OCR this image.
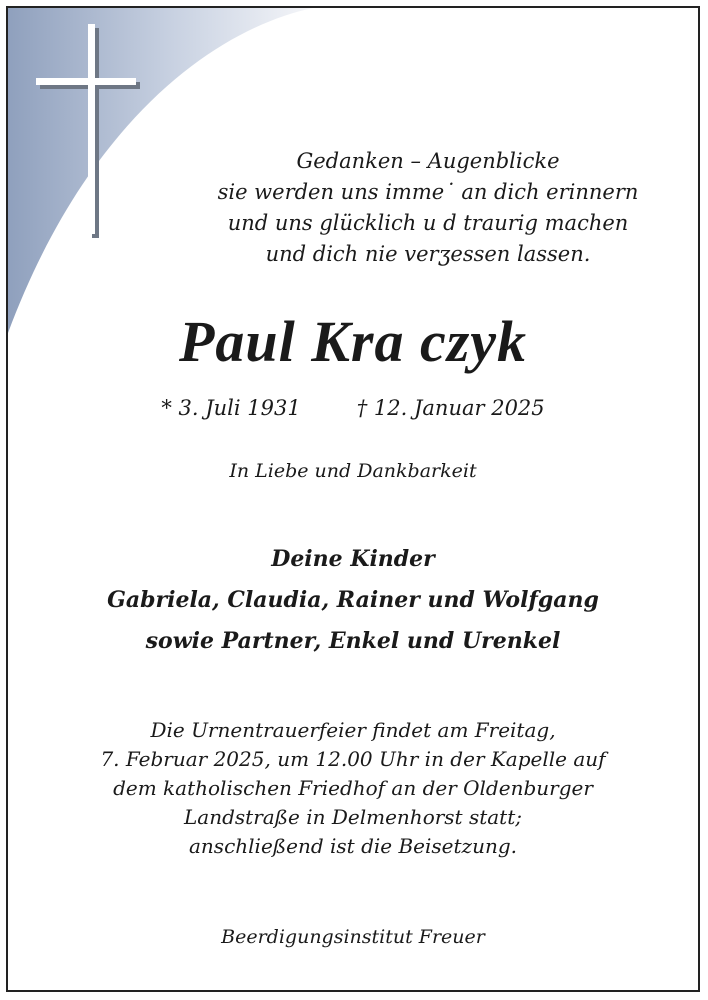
Gedanken – Augenblicke
sie werden uns imme˙ an dich erinnern
und uns glücklich u d traurig machen
und dich nie verʒessen lassen.
Paul Kra czyk
* 3. Juli 1931	† 12. Januar 2025
In Liebe und Dankbarkeit
Deine Kinder
Gabriela, Claudia, Rainer und Wolfgang
sowie Partner, Enkel und Urenkel
Die Urnentrauerfeier findet am Freitag,
7. Februar 2025, um 12.00 Uhr in der Kapelle auf
dem katholischen Friedhof an der Oldenburger
Landstraße in Delmenhorst statt;
anschließend ist die Beisetzung.
Beerdigungsinstitut Freuer
